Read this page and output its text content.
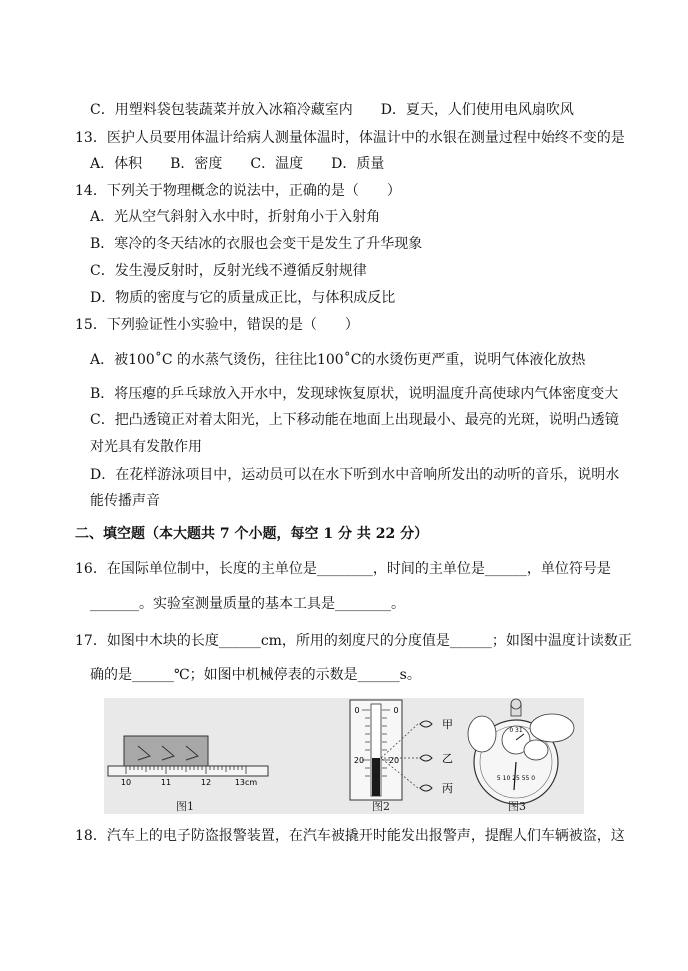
C．用塑料袋包装蔬菜并放入冰箱冷藏室内　　D．夏天，人们使用电风扇吹风
13．医护人员要用体温计给病人测量体温时，体温计中的水银在测量过程中始终不变的是
A．体积　　B．密度　　C．温度　　D．质量
14．下列关于物理概念的说法中，正确的是（　　）
A．光从空气斜射入水中时，折射角小于入射角
B．寒冷的冬天结冰的衣服也会变干是发生了升华现象
C．发生漫反射时，反射光线不遵循反射规律
D．物质的密度与它的质量成正比，与体积成反比
15．下列验证性小实验中，错误的是（　　）
A．被100˚C 的水蒸气烫伤，往往比100˚C的水烫伤更严重，说明气体液化放热
B．将压瘪的乒乓球放入开水中，发现球恢复原状，说明温度升高使球内气体密度变大
C．把凸透镜正对着太阳光，上下移动能在地面上出现最小、最亮的光斑，说明凸透镜
对光具有发散作用
D．在花样游泳项目中，运动员可以在水下听到水中音响所发出的动听的音乐，说明水
能传播声音
二、填空题（本大题共 7 个小题，每空 1 分 共 22 分）
16．在国际单位制中，长度的主单位是________，时间的主单位是______，单位符号是
_______。实验室测量质量的基本工具是________。
17．如图中木块的长度______cm，所用的刻度尺的分度值是______；如图中温度计读数正
确的是______℃；如图中机械停表的示数是______s。
10	11	12	13cm
0	0
20	20
甲
乙
丙
0 31
5 10 25 55 0
图1	图2	图3
18．汽车上的电子防盗报警装置，在汽车被撬开时能发出报警声，提醒人们车辆被盗，这
